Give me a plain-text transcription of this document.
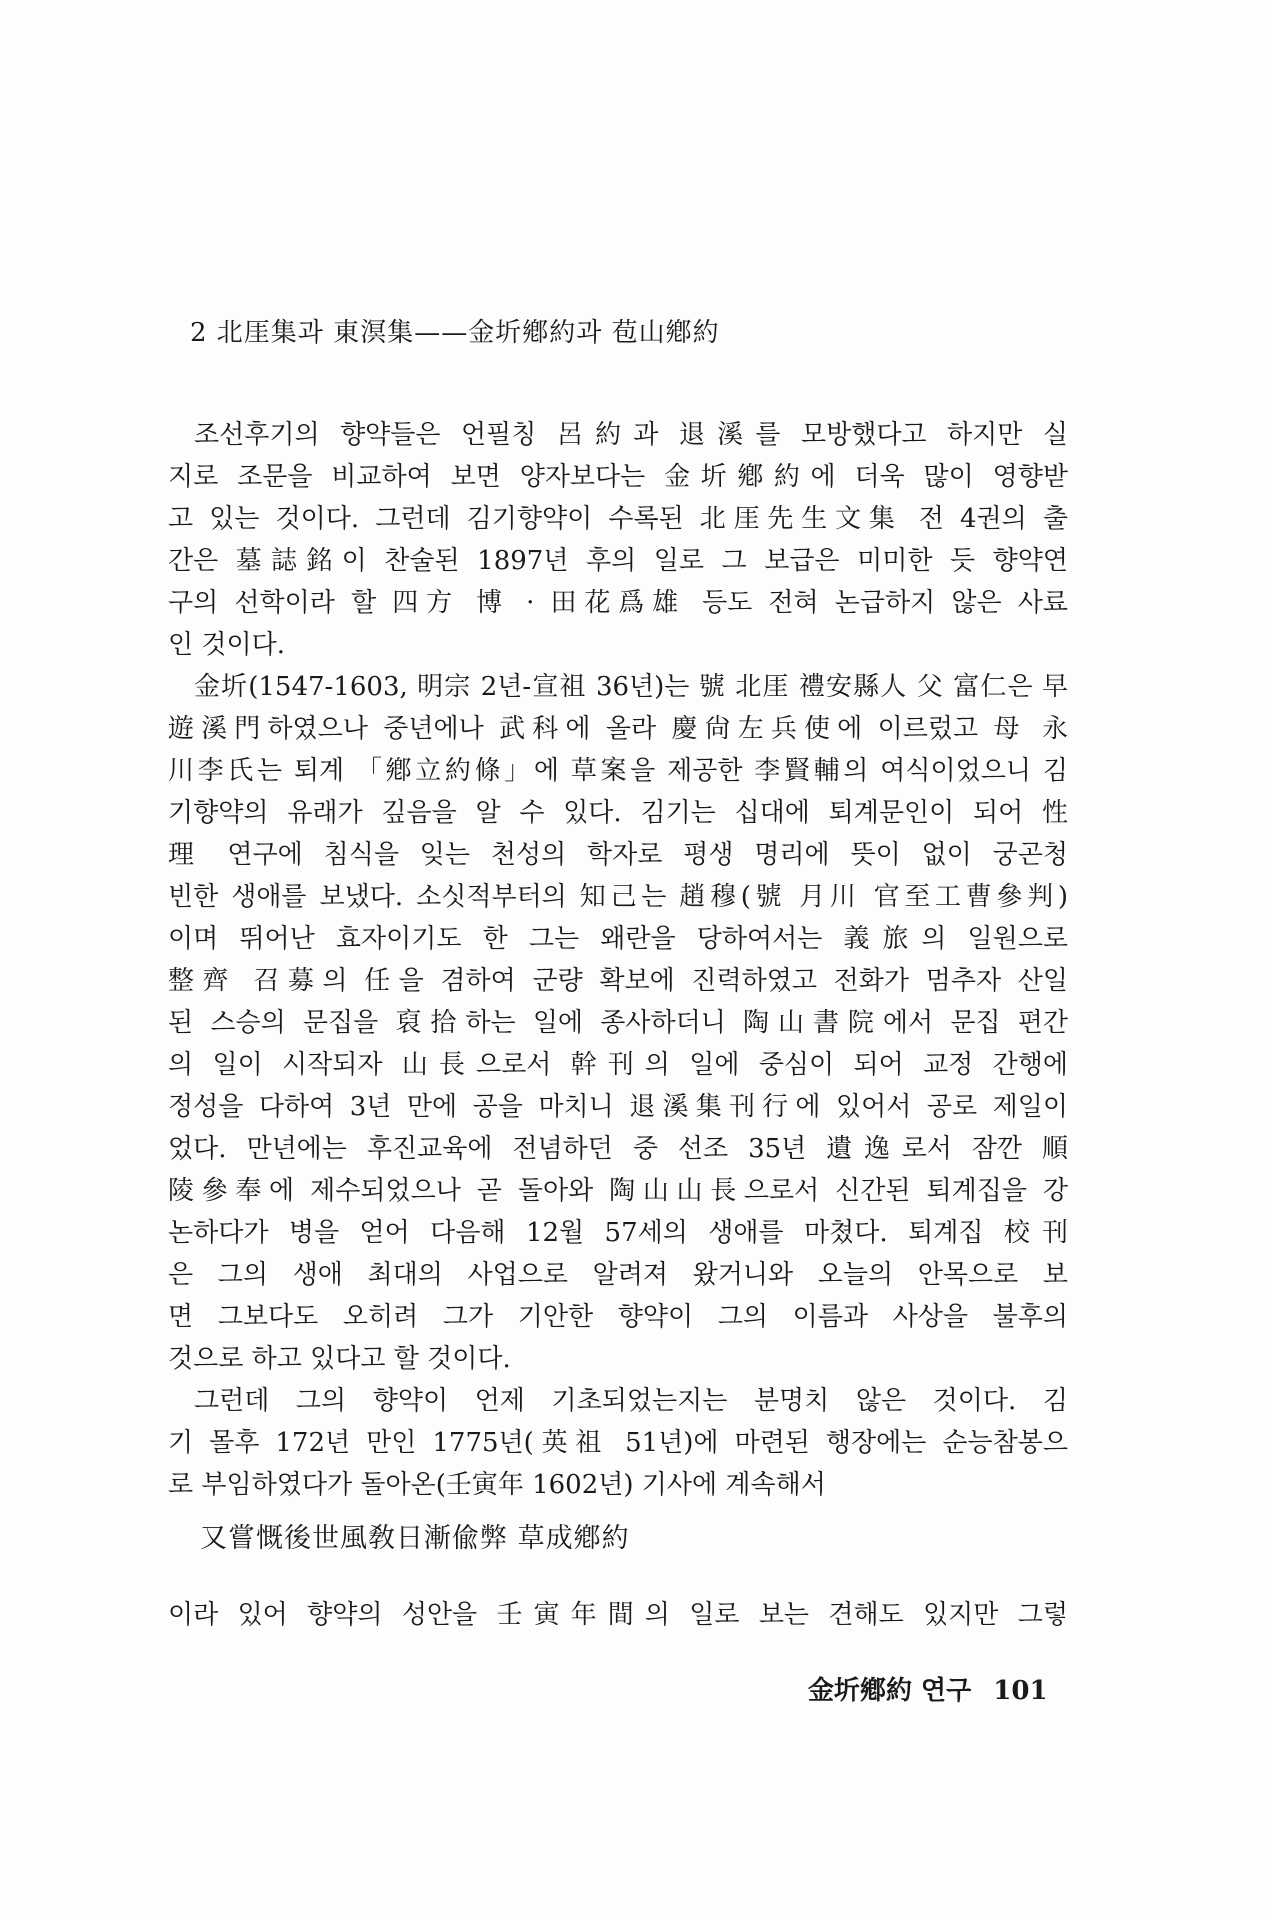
2 北厓集과 東溟集——金圻鄕約과 苞山鄕約
조선후기의 향약들은 언필칭 呂約과 退溪를 모방했다고 하지만 실
지로 조문을 비교하여 보면 양자보다는 金圻鄕約에 더욱 많이 영향받
고 있는 것이다. 그런데 김기향약이 수록된 北厓先生文集 전 4권의 출
간은 墓誌銘이 찬술된 1897년 후의 일로 그 보급은 미미한 듯 향약연
구의 선학이라 할 四方 博 · 田花爲雄 등도 전혀 논급하지 않은 사료
인 것이다.
金圻(1547-1603, 明宗 2년-宣祖 36년)는 號 北厓 禮安縣人 父 富仁은 早
遊溪門하였으나 중년에나 武科에 올라 慶尙左兵使에 이르렀고 母 永
川李氏는 퇴계 「鄕立約條」에 草案을 제공한 李賢輔의 여식이었으니 김
기향약의 유래가 깊음을 알 수 있다. 김기는 십대에 퇴계문인이 되어 性
理 연구에 침식을 잊는 천성의 학자로 평생 명리에 뜻이 없이 궁곤청
빈한 생애를 보냈다. 소싯적부터의 知己는 趙穆(號 月川 官至工曹參判)
이며 뛰어난 효자이기도 한 그는 왜란을 당하여서는 義旅의 일원으로
整齊 召募의 任을 겸하여 군량 확보에 진력하였고 전화가 멈추자 산일
된 스승의 문집을 裒拾하는 일에 종사하더니 陶山書院에서 문집 편간
의 일이 시작되자 山長으로서 幹刊의 일에 중심이 되어 교정 간행에
정성을 다하여 3년 만에 공을 마치니 退溪集刊行에 있어서 공로 제일이
었다. 만년에는 후진교육에 전념하던 중 선조 35년 遺逸로서 잠깐 順
陵參奉에 제수되었으나 곧 돌아와 陶山山長으로서 신간된 퇴계집을 강
논하다가 병을 얻어 다음해 12월 57세의 생애를 마쳤다. 퇴계집 校刊
은 그의 생애 최대의 사업으로 알려져 왔거니와 오늘의 안목으로 보
면 그보다도 오히려 그가 기안한 향약이 그의 이름과 사상을 불후의
것으로 하고 있다고 할 것이다.
그런데 그의 향약이 언제 기초되었는지는 분명치 않은 것이다. 김
기 몰후 172년 만인 1775년(英祖 51년)에 마련된 행장에는 순능참봉으
로 부임하였다가 돌아온(壬寅年 1602년) 기사에 계속해서
又嘗慨後世風敎日漸偸弊 草成鄕約
이라 있어 향약의 성안을 壬寅年間의 일로 보는 견해도 있지만 그렇
金圻鄕約 연구 101
